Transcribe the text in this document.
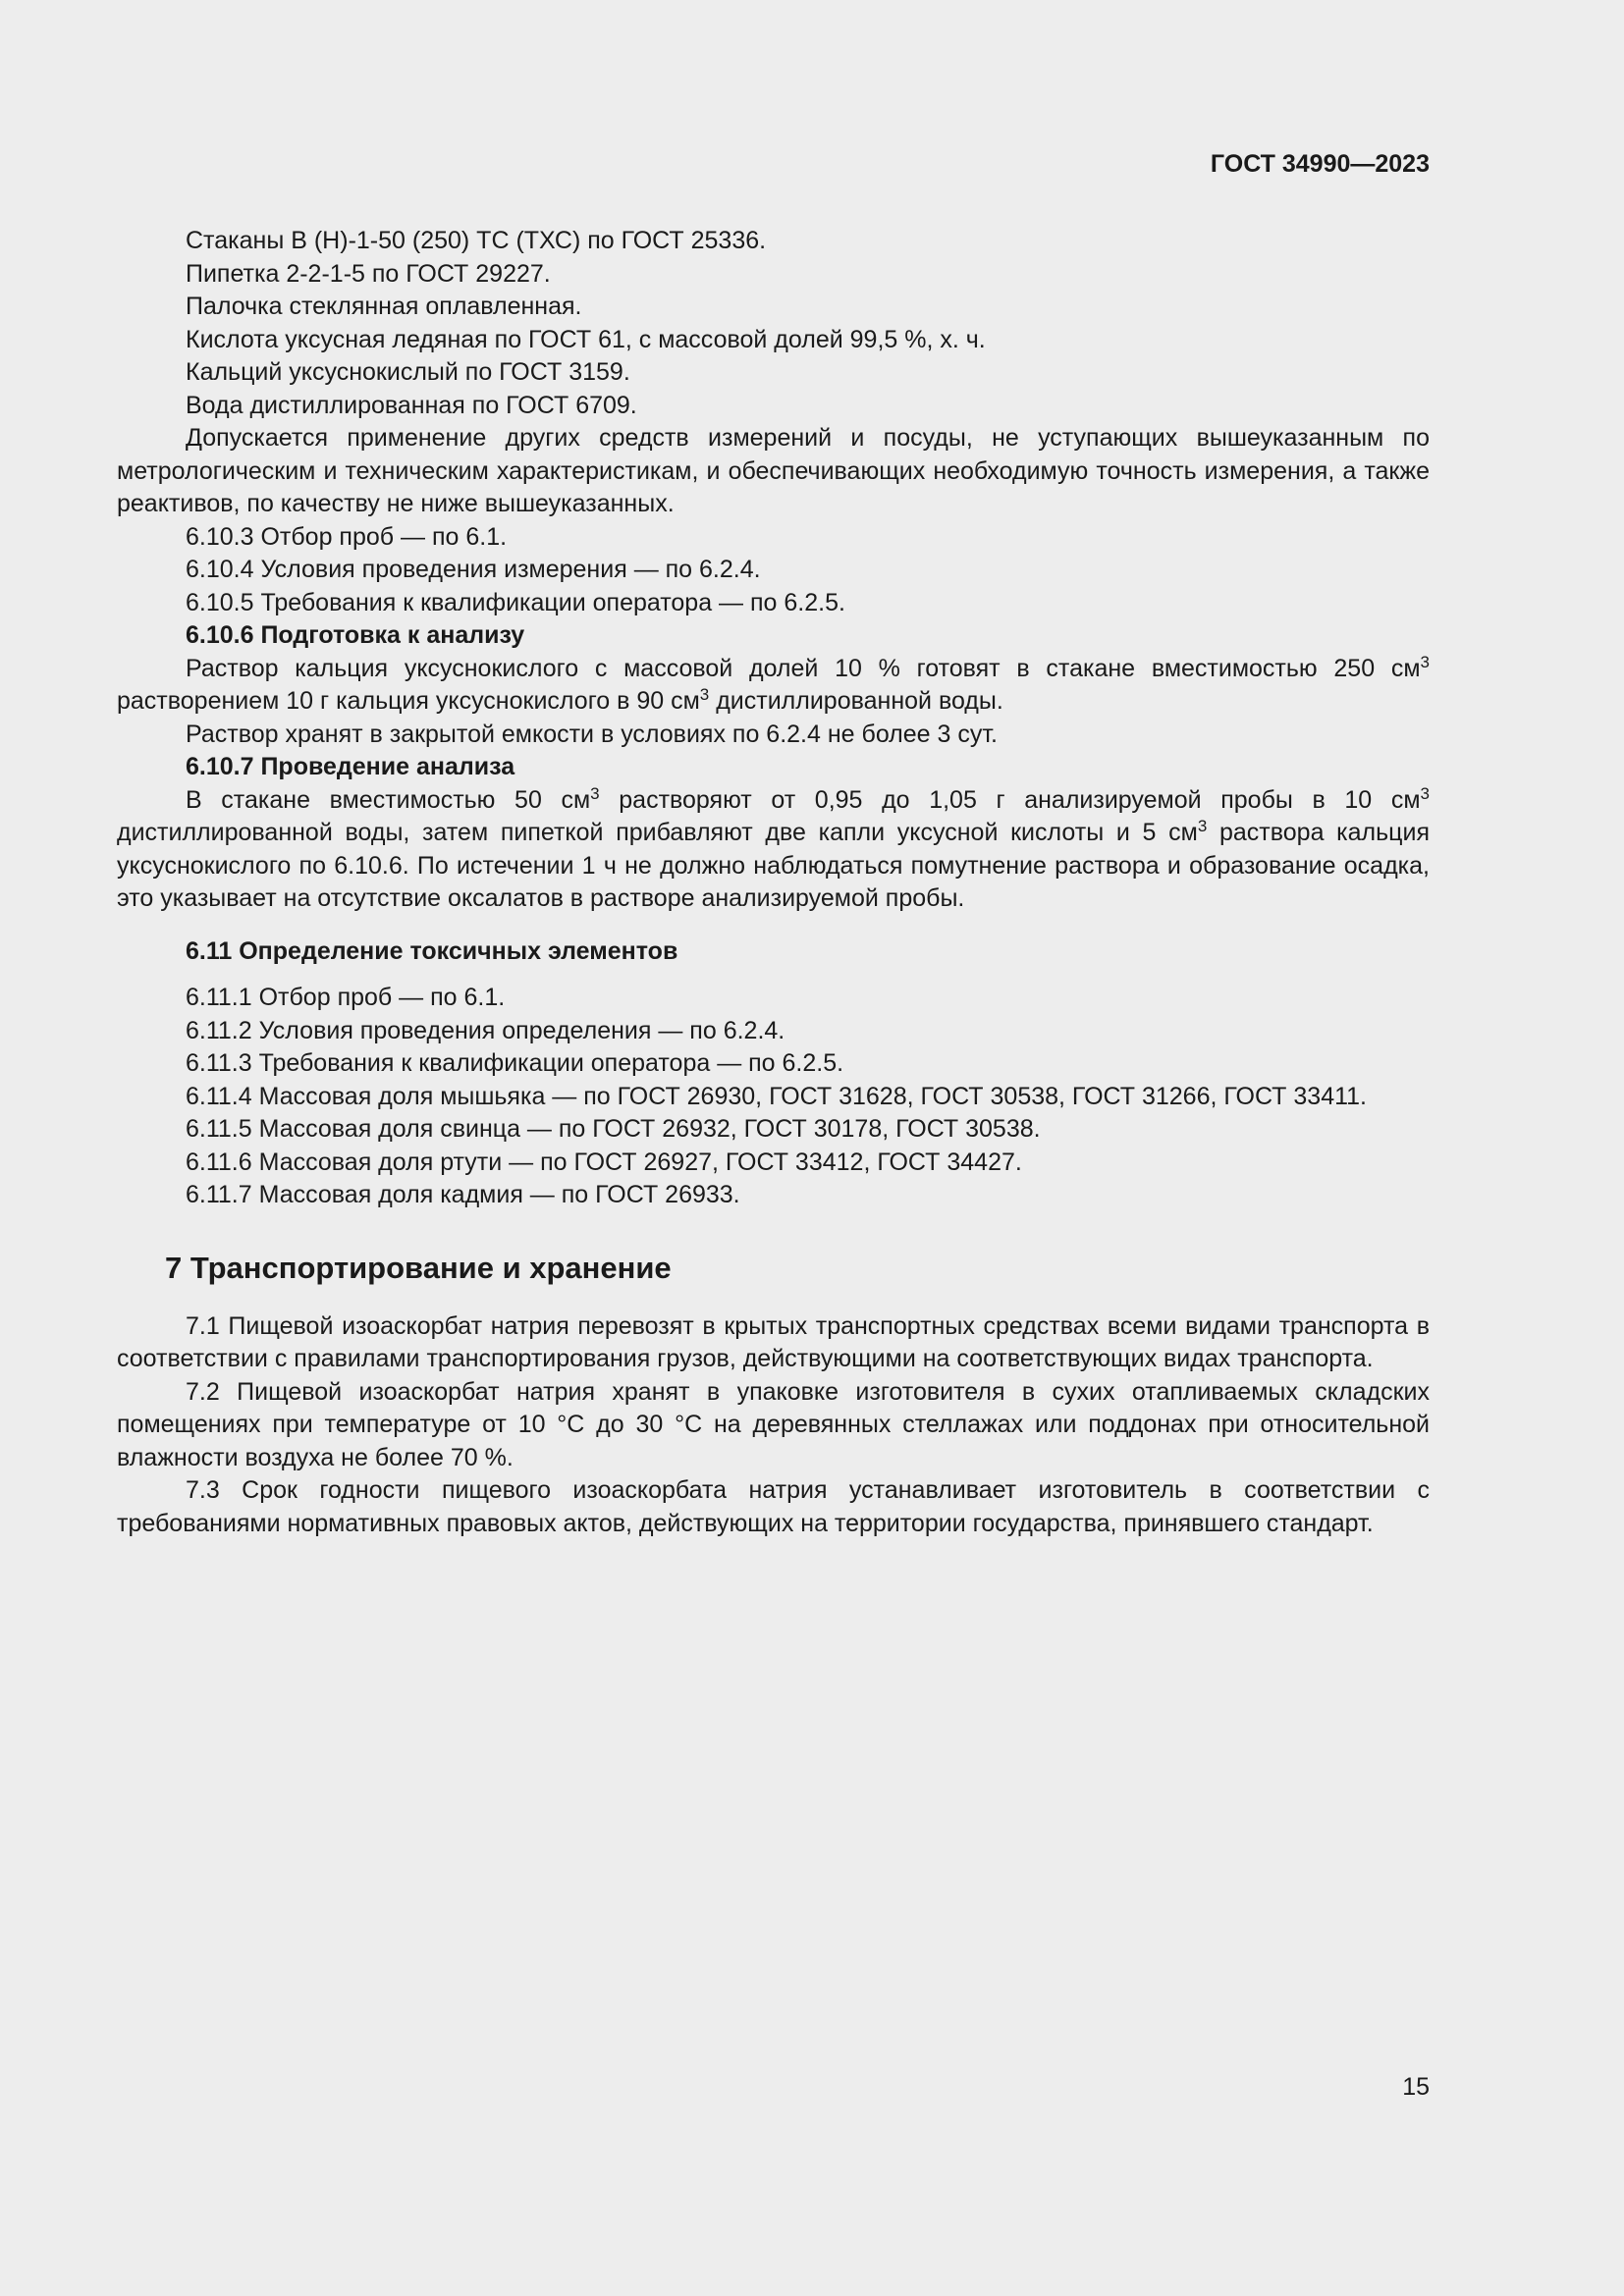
ГОСТ 34990—2023

Стаканы В (Н)-1-50 (250) ТС (ТХС) по ГОСТ 25336.

Пипетка 2-2-1-5 по ГОСТ 29227.

Палочка стеклянная оплавленная.

Кислота уксусная ледяная по ГОСТ 61, с массовой долей 99,5 %, х. ч.

Кальций уксуснокислый по ГОСТ 3159.

Вода дистиллированная по ГОСТ 6709.

Допускается применение других средств измерений и посуды, не уступающих вышеуказанным по метрологическим и техническим характеристикам, и обеспечивающих необходимую точность измерения, а также реактивов, по качеству не ниже вышеуказанных.

6.10.3 Отбор проб — по 6.1.

6.10.4 Условия проведения измерения — по 6.2.4.

6.10.5 Требования к квалификации оператора — по 6.2.5.

6.10.6 Подготовка к анализу

Раствор кальция уксуснокислого с массовой долей 10 % готовят в стакане вместимостью 250 $см^3$ растворением 10 г кальция уксуснокислого в 90 $см^3$ дистиллированной воды.

Раствор хранят в закрытой емкости в условиях по 6.2.4 не более 3 сут.

6.10.7 Проведение анализа

В стакане вместимостью 50 $см^3$ растворяют от 0,95 до 1,05 г анализируемой пробы в 10 $см^3$ дистиллированной воды, затем пипеткой прибавляют две капли уксусной кислоты и 5 $см^3$ раствора кальция уксуснокислого по 6.10.6. По истечении 1 ч не должно наблюдаться помутнение раствора и образование осадка, это указывает на отсутствие оксалатов в растворе анализируемой пробы.

6.11 Определение токсичных элементов

6.11.1 Отбор проб — по 6.1.

6.11.2 Условия проведения определения — по 6.2.4.

6.11.3 Требования к квалификации оператора — по 6.2.5.

6.11.4 Массовая доля мышьяка — по ГОСТ 26930, ГОСТ 31628, ГОСТ 30538, ГОСТ 31266, ГОСТ 33411.

6.11.5 Массовая доля свинца — по ГОСТ 26932, ГОСТ 30178, ГОСТ 30538.

6.11.6 Массовая доля ртути — по ГОСТ 26927, ГОСТ 33412, ГОСТ 34427.

6.11.7 Массовая доля кадмия — по ГОСТ 26933.

7 Транспортирование и хранение

7.1 Пищевой изоаскорбат натрия перевозят в крытых транспортных средствах всеми видами транспорта в соответствии с правилами транспортирования грузов, действующими на соответствующих видах транспорта.

7.2 Пищевой изоаскорбат натрия хранят в упаковке изготовителя в сухих отапливаемых складских помещениях при температуре от 10 °С до 30 °С на деревянных стеллажах или поддонах при относительной влажности воздуха не более 70 %.

7.3 Срок годности пищевого изоаскорбата натрия устанавливает изготовитель в соответствии с требованиями нормативных правовых актов, действующих на территории государства, принявшего стандарт.

15
